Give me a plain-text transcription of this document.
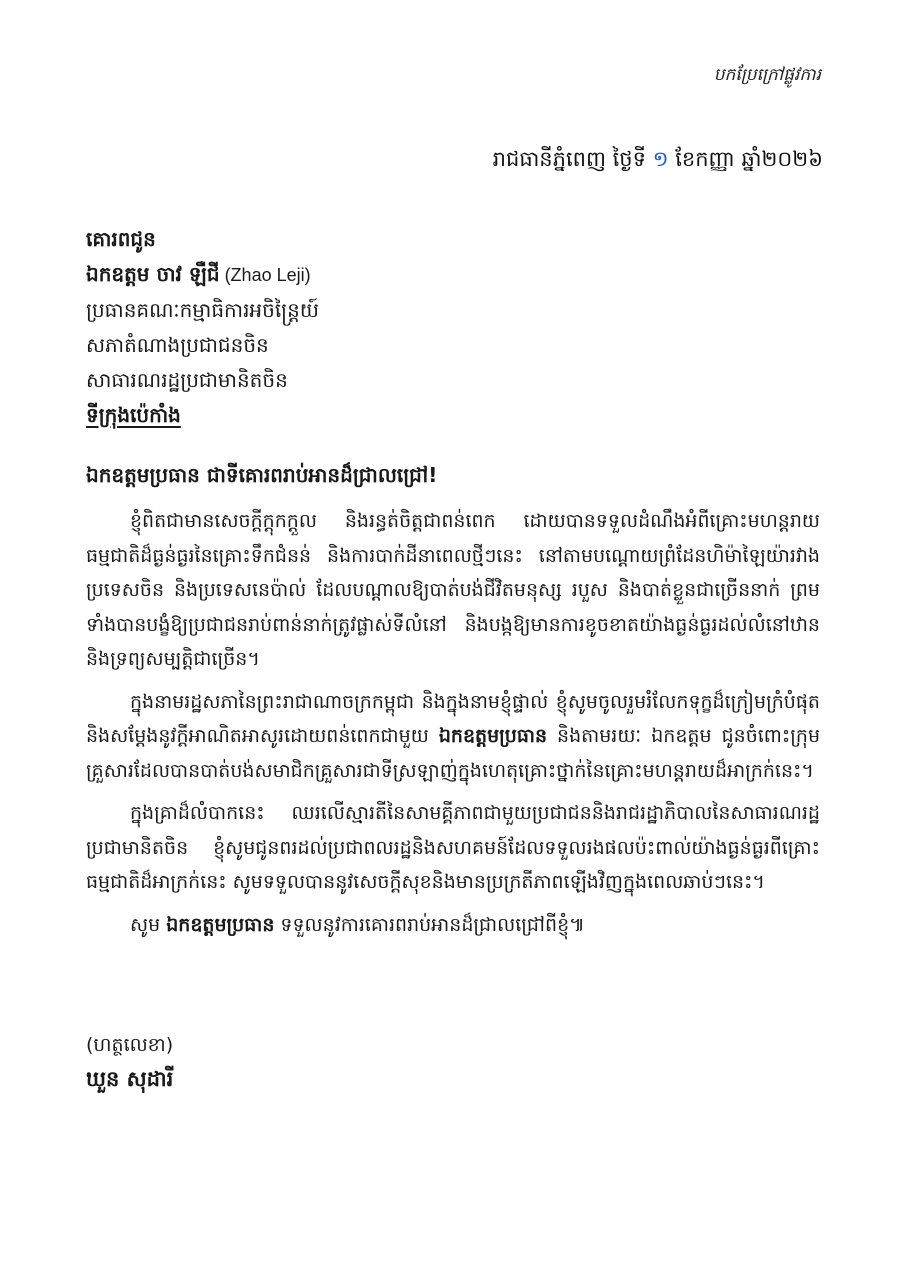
បកប្រែក្រៅផ្លូវការ
រាជធានីភ្នំពេញ ថ្ងៃទី ១ ខែកញ្ញា ឆ្នាំ២០២៦
គោរពជូន
ឯកឧត្តម ចាវ ឡឺជី (Zhao Leji)
ប្រធានគណៈកម្មាធិការអចិន្ត្រៃយ៍
សភាតំណាងប្រជាជនចិន
សាធារណរដ្ឋប្រជាមានិតចិន
ទីក្រុងប៉េកាំង
ឯកឧត្តមប្រធាន ជាទីគោរពរាប់អានដ៏ជ្រាលជ្រៅ!

ខ្ញុំពិតជាមានសេចក្តីក្តុកក្តួល និងរន្ធត់ចិត្តជាពន់ពេក ដោយបានទទួលដំណឹងអំពីគ្រោះមហន្តរាយធម្មជាតិដ៏ធ្ងន់ធ្ងរនៃគ្រោះទឹកជំនន់ និងការបាក់ដីនាពេលថ្មីៗនេះ នៅតាមបណ្តោយព្រំដែនហិម៉ាឡៃយ៉ារវាងប្រទេសចិន និងប្រទេសនេប៉ាល់ ដែលបណ្តាលឱ្យបាត់បង់ជីវិតមនុស្ស របួស និងបាត់ខ្លួនជាច្រើននាក់ ព្រមទាំងបានបង្ខំឱ្យប្រជាជនរាប់ពាន់នាក់ត្រូវផ្លាស់ទីលំនៅ និងបង្កឱ្យមានការខូចខាតយ៉ាងធ្ងន់ធ្ងរដល់លំនៅឋាន និងទ្រព្យសម្បត្តិជាច្រើន។

ក្នុងនាមរដ្ឋសភានៃព្រះរាជាណាចក្រកម្ពុជា និងក្នុងនាមខ្ញុំផ្ទាល់ ខ្ញុំសូមចូលរួមរំលែកទុក្ខដ៏ក្រៀមក្រំបំផុត និងសម្តែងនូវក្តីអាណិតអាសូរដោយពន់ពេកជាមួយ ឯកឧត្តមប្រធាន និងតាមរយៈ ឯកឧត្តម ជូនចំពោះក្រុមគ្រួសារដែលបានបាត់បង់សមាជិកគ្រួសារជាទីស្រឡាញ់ក្នុងហេតុគ្រោះថ្នាក់នៃគ្រោះមហន្តរាយដ៏អាក្រក់នេះ។

ក្នុងគ្រាដ៏លំបាកនេះ ឈរលើស្មារតីនៃសាមគ្គីភាពជាមួយប្រជាជននិងរាជរដ្ឋាភិបាលនៃសាធារណរដ្ឋប្រជាមានិតចិន ខ្ញុំសូមជូនពរដល់ប្រជាពលរដ្ឋនិងសហគមន៍ដែលទទួលរងផលប៉ះពាល់យ៉ាងធ្ងន់ធ្ងរពីគ្រោះធម្មជាតិដ៏អាក្រក់នេះ សូមទទួលបាននូវសេចក្តីសុខនិងមានប្រក្រតីភាពឡើងវិញក្នុងពេលឆាប់ៗនេះ។

សូម ឯកឧត្តមប្រធាន ទទួលនូវការគោរពរាប់អានដ៏ជ្រាលជ្រៅពីខ្ញុំ៕

(ហត្ថលេខា)
ឃួន សុដារី
